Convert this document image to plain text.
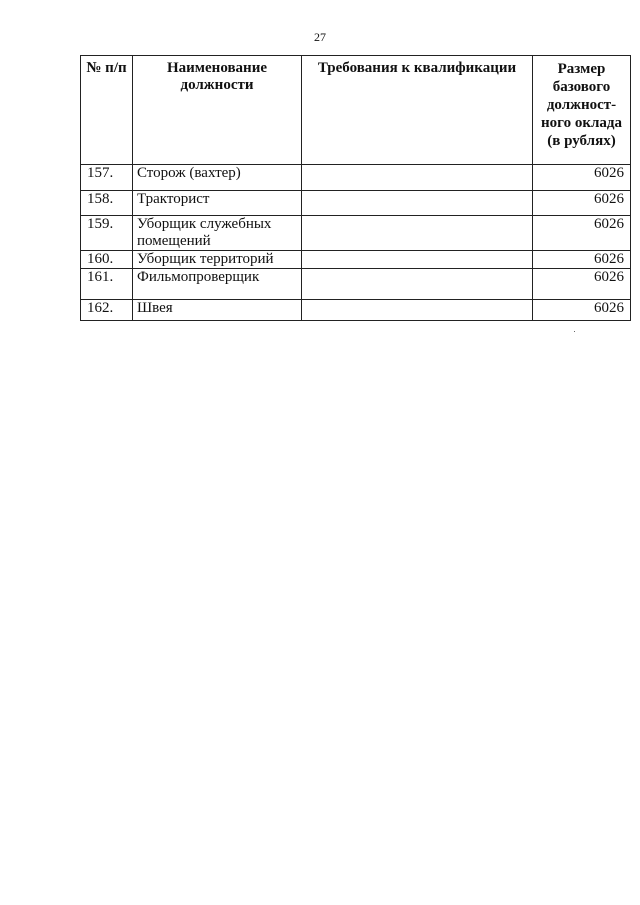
27
№ п/п	Наименование должности	Требования к квалификации	Размер базового должност-ного оклада (в рублях)
157.	Сторож (вахтер)		6026
158.	Тракторист		6026
159.	Уборщик служебных помещений		6026
160.	Уборщик территорий		6026
161.	Фильмопроверщик		6026
162.	Швея		6026
